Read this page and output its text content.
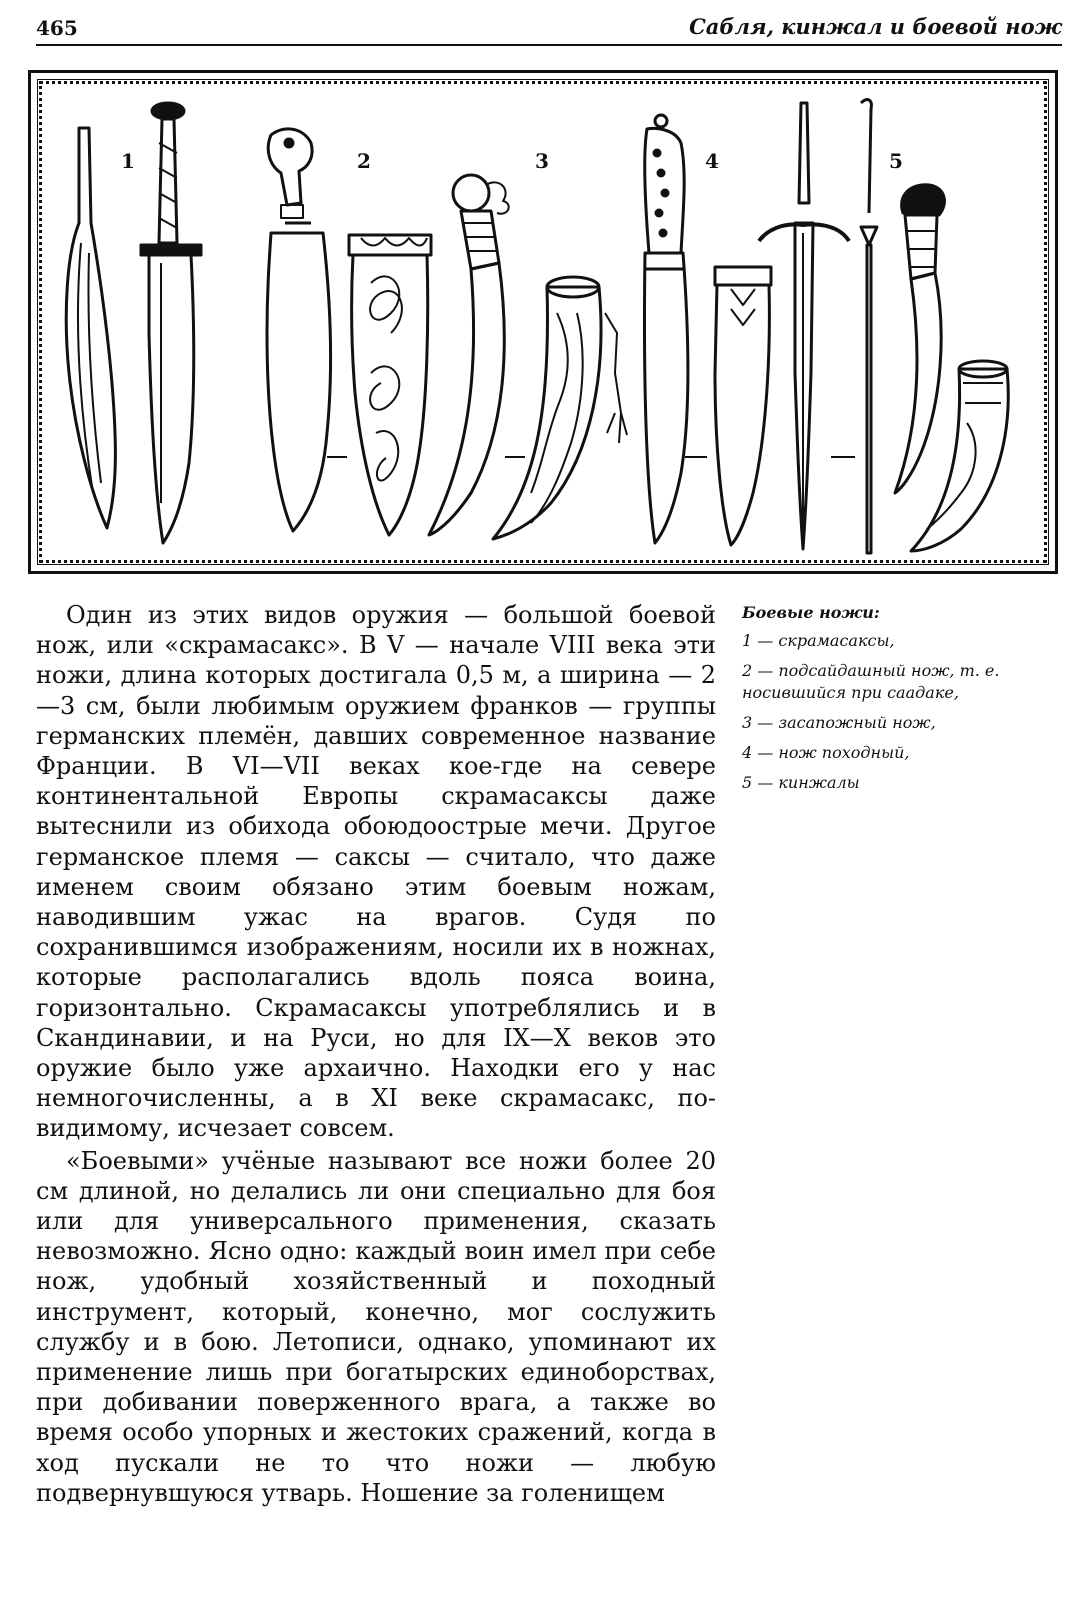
465	Сабля, кинжал и боевой нож
1	2	3	4	5

Один из этих видов оружия — большой боевой нож, или «скрамасакс». В V — начале VIII века эти ножи, длина которых достигала 0,5 м, а ширина — 2—3 см, были любимым оружием франков — группы германских племён, давших современное название Франции. В VI—VII веках кое-где на севере континентальной Европы скрамасаксы даже вытеснили из обихода обоюдоострые мечи. Другое германское племя — саксы — считало, что даже именем своим обязано этим боевым ножам, наводившим ужас на врагов. Судя по сохранившимся изображениям, носили их в ножнах, которые располагались вдоль пояса воина, горизонтально. Скрамасаксы употреблялись и в Скандинавии, и на Руси, но для IX—X веков это оружие было уже архаично. Находки его у нас немногочисленны, а в XI веке скрамасакс, по-видимому, исчезает совсем.

«Боевыми» учёные называют все ножи более 20 см длиной, но делались ли они специально для боя или для универсального применения, сказать невозможно. Ясно одно: каждый воин имел при себе нож, удобный хозяйственный и походный инструмент, который, конечно, мог сослужить службу и в бою. Летописи, однако, упоминают их применение лишь при богатырских единоборствах, при добивании поверженного врага, а также во время особо упорных и жестоких сражений, когда в ход пускали не то что ножи — любую подвернувшуюся утварь. Ношение за голенищем

Боевые ножи:
1 — скрамасаксы,
2 — подсайдашный нож, т. е. носившийся при саадаке,
3 — засапожный нож,
4 — нож походный,
5 — кинжалы
